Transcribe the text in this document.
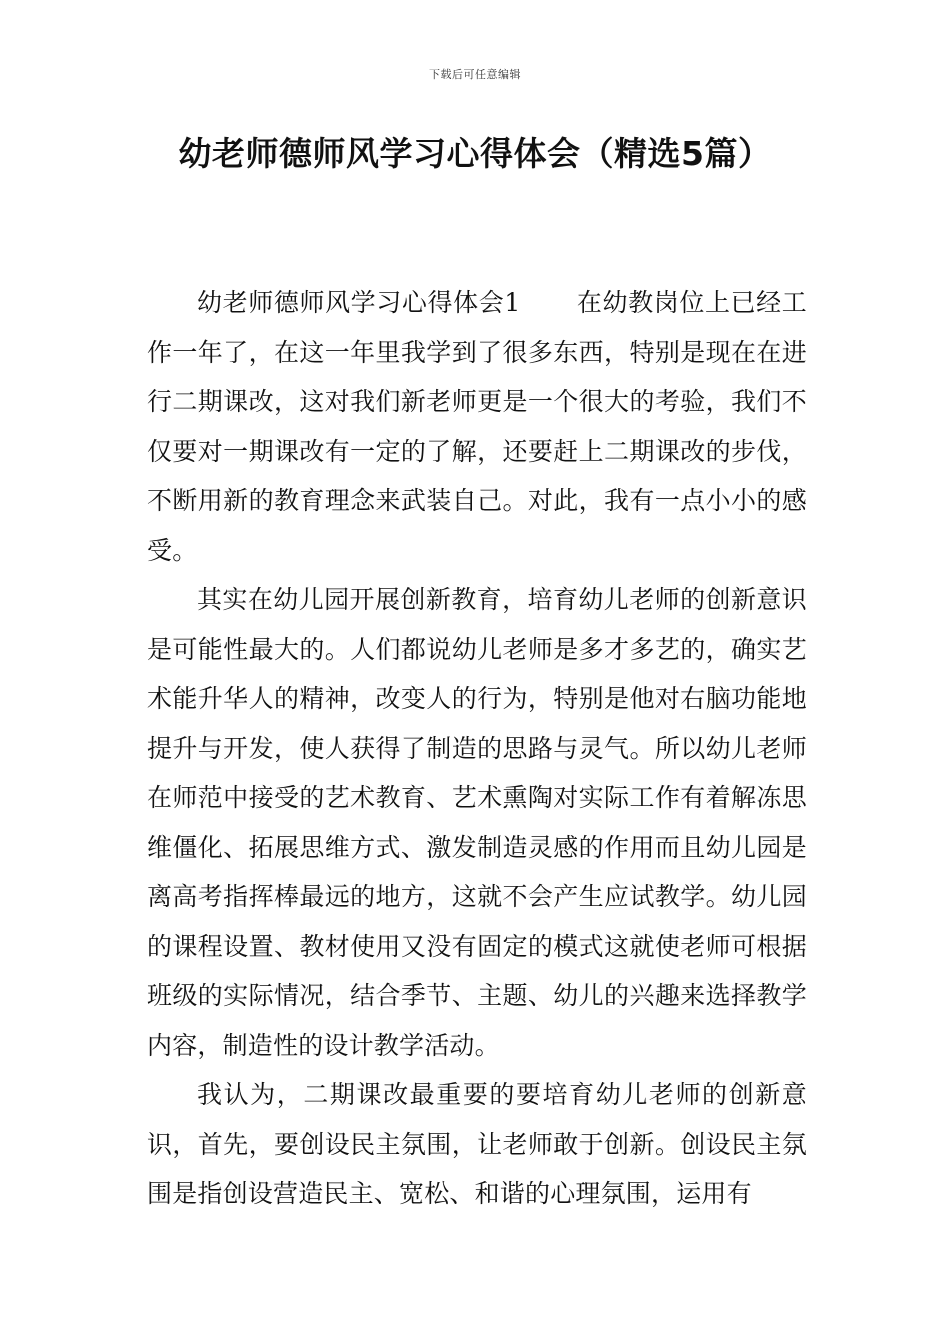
下载后可任意编辑
幼老师德师风学习心得体会（精选5篇）

幼老师德师风学习心得体会1 在幼教岗位上已经工作一年了，在这一年里我学到了很多东西，特别是现在在进行二期课改，这对我们新老师更是一个很大的考验，我们不仅要对一期课改有一定的了解，还要赶上二期课改的步伐，不断用新的教育理念来武装自己。对此，我有一点小小的感受。

其实在幼儿园开展创新教育，培育幼儿老师的创新意识是可能性最大的。人们都说幼儿老师是多才多艺的，确实艺术能升华人的精神，改变人的行为，特别是他对右脑功能地提升与开发，使人获得了制造的思路与灵气。所以幼儿老师在师范中接受的艺术教育、艺术熏陶对实际工作有着解冻思维僵化、拓展思维方式、激发制造灵感的作用而且幼儿园是离高考指挥棒最远的地方，这就不会产生应试教学。幼儿园的课程设置、教材使用又没有固定的模式这就使老师可根据班级的实际情况，结合季节、主题、幼儿的兴趣来选择教学内容，制造性的设计教学活动。

我认为，二期课改最重要的要培育幼儿老师的创新意识，首先，要创设民主氛围，让老师敢于创新。创设民主氛围是指创设营造民主、宽松、和谐的心理氛围，运用有
